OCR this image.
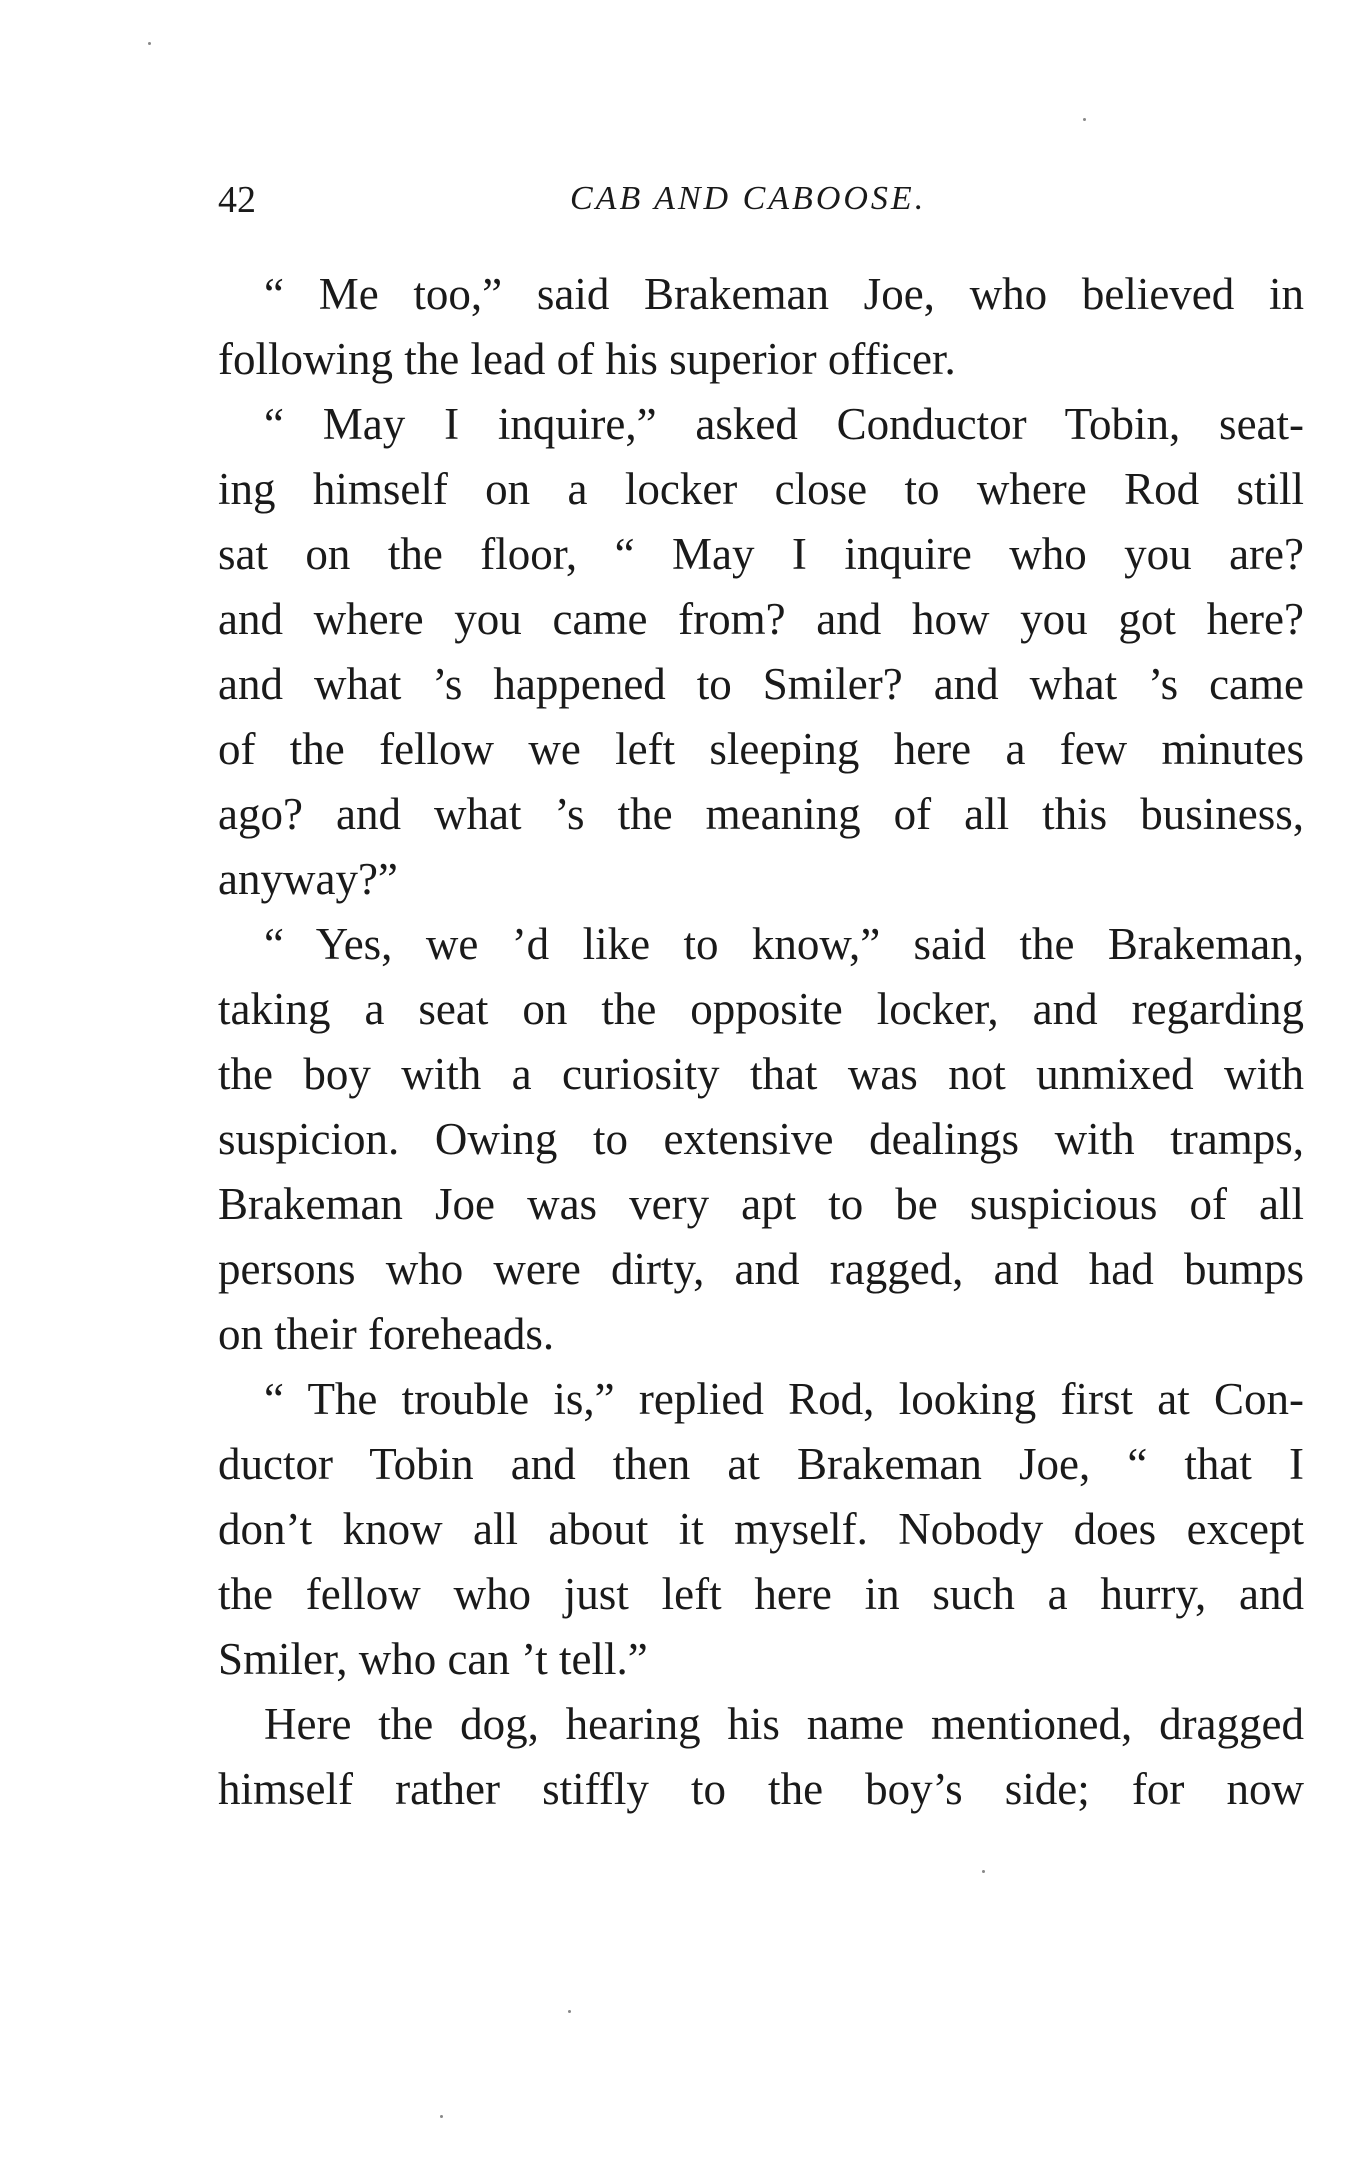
42	CAB AND CABOOSE.
“ Me too,” said Brakeman Joe, who believed in
following the lead of his superior officer.
“ May I inquire,” asked Conductor Tobin, seat-
ing himself on a locker close to where Rod still
sat on the floor, “ May I inquire who you are?
and where you came from? and how you got here?
and what ’s happened to Smiler? and what ’s came
of the fellow we left sleeping here a few minutes
ago? and what ’s the meaning of all this business,
anyway?”
“ Yes, we ’d like to know,” said the Brakeman,
taking a seat on the opposite locker, and regarding
the boy with a curiosity that was not unmixed with
suspicion. Owing to extensive dealings with tramps,
Brakeman Joe was very apt to be suspicious of all
persons who were dirty, and ragged, and had bumps
on their foreheads.
“ The trouble is,” replied Rod, looking first at Con-
ductor Tobin and then at Brakeman Joe, “ that I
don’t know all about it myself. Nobody does except
the fellow who just left here in such a hurry, and
Smiler, who can ’t tell.”
Here the dog, hearing his name mentioned, dragged
himself rather stiffly to the boy’s side; for now
